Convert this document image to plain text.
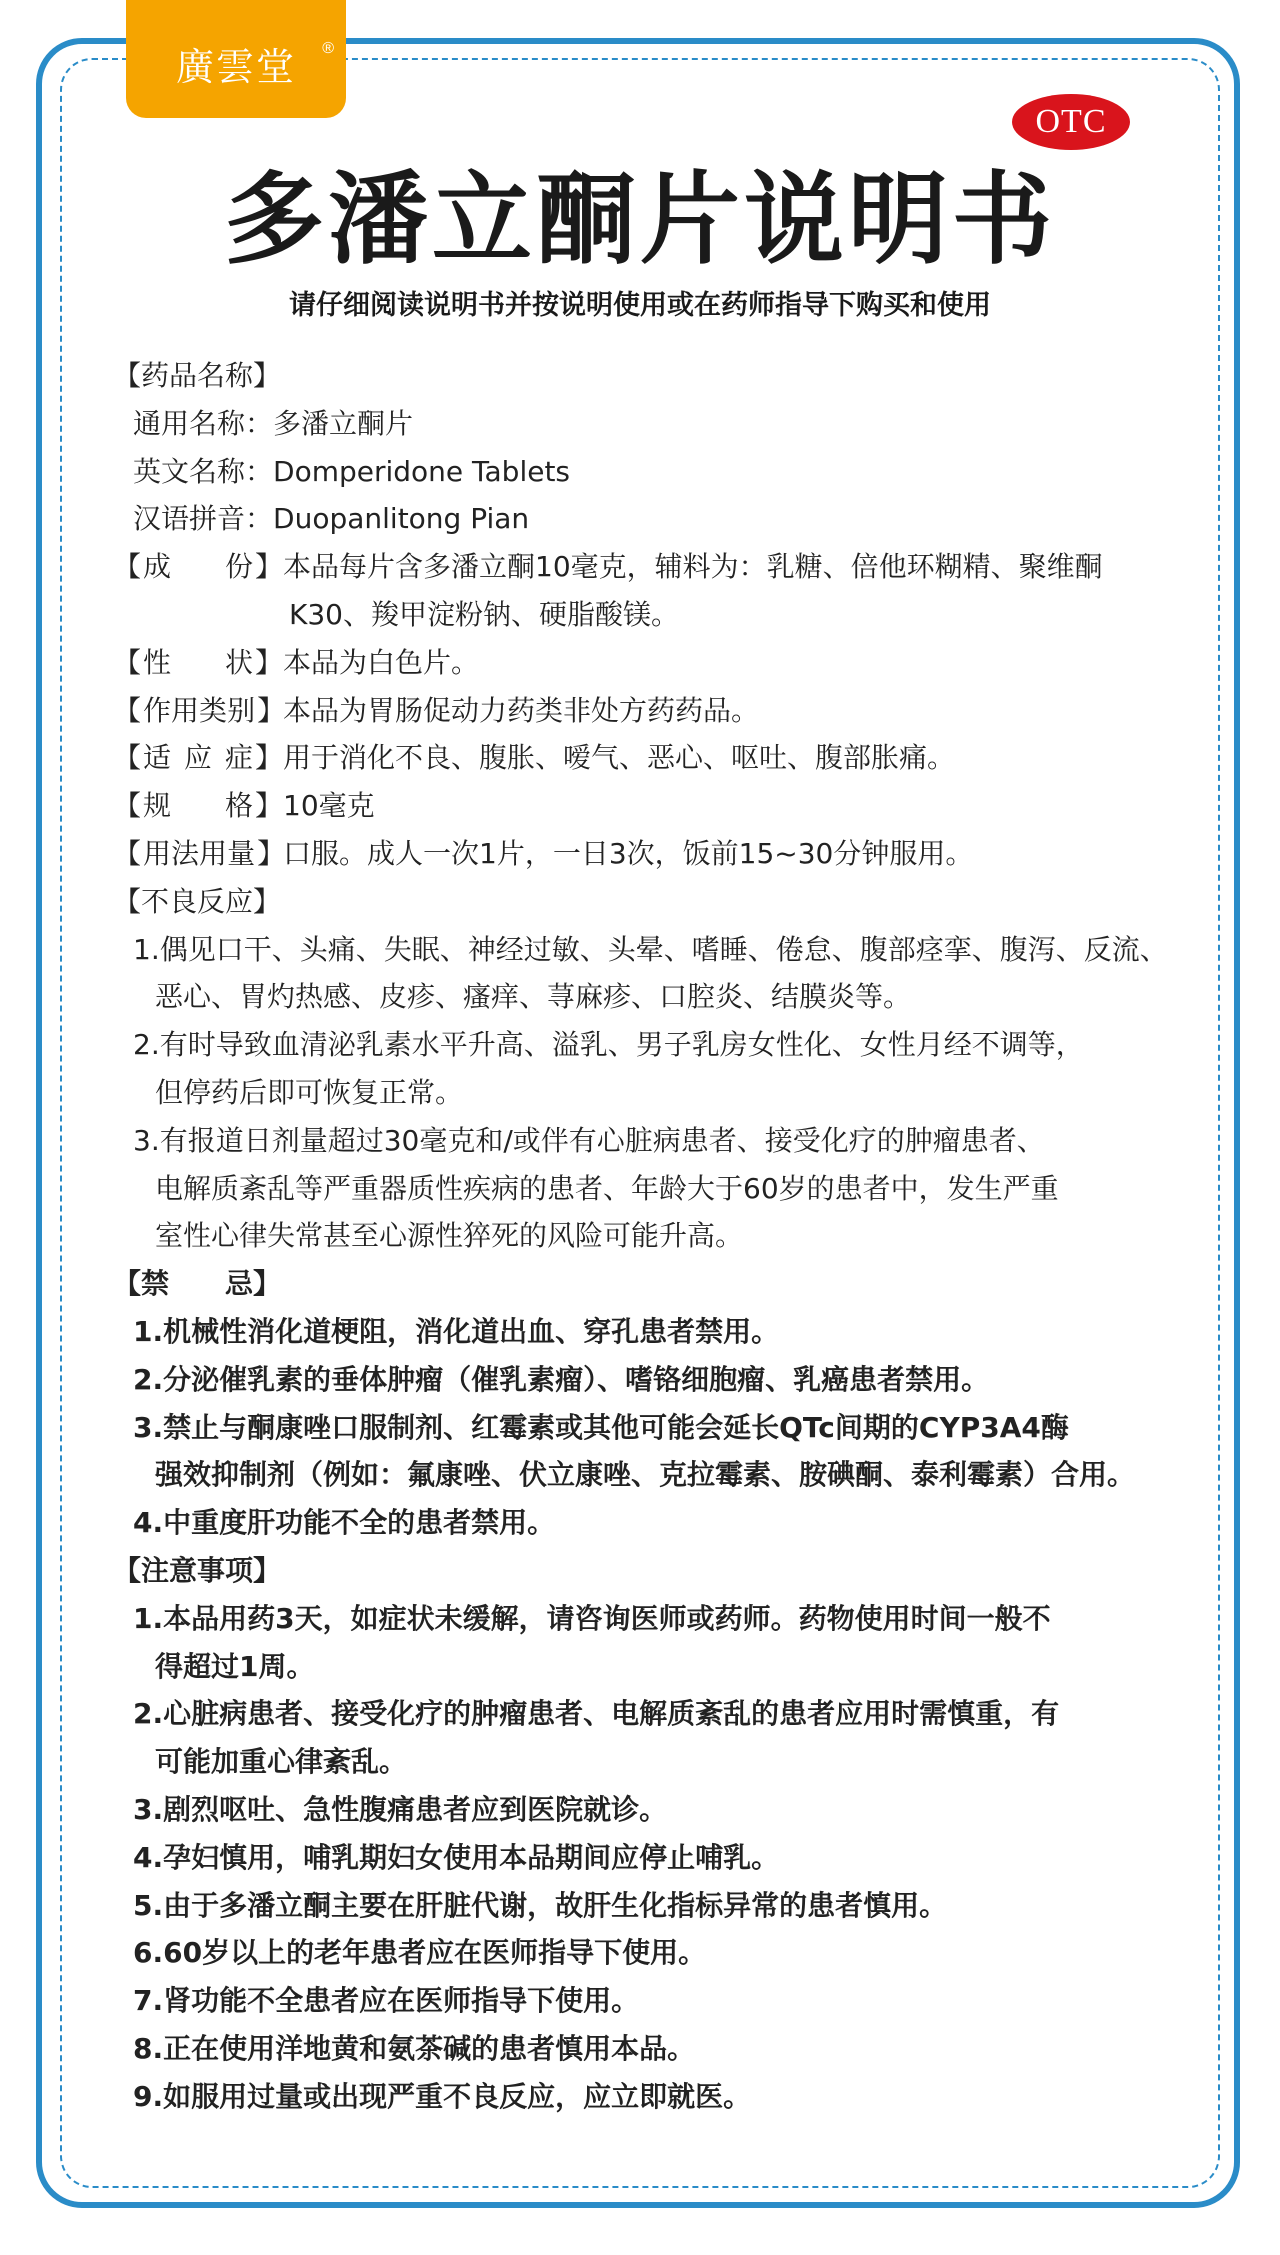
廣雲堂 ®
OTC
多潘立酮片说明书
请仔细阅读说明书并按说明使用或在药师指导下购买和使用
【药品名称】
通用名称： 多潘立酮片
英文名称： Domperidone Tablets
汉语拼音： Duopanlitong Pian
【 成 份 】 本品每片含多潘立酮10毫克，辅料为：乳糖、倍他环糊精、聚维酮
K30、羧甲淀粉钠、硬脂酸镁。
【 性 状 】 本品为白色片。
【 作 用 类 别 】
本品为胃肠促动力药类非处方药药品。
【 适 应 症 】 用于消化不良、腹胀、嗳气、恶心、呕吐、腹部胀痛。
【 规 格 】 10毫克
【 用 法 用 量 】
口服。成人一次1片，一日3次，饭前15~30分钟服用。
【不良反应】
1.偶见口干、头痛、失眠、神经过敏、头晕、嗜睡、倦怠、腹部痉挛、腹泻、反流、
恶心、胃灼热感、皮疹、瘙痒、荨麻疹、口腔炎、结膜炎等。
2.有时导致血清泌乳素水平升高、溢乳、男子乳房女性化、女性月经不调等，
但停药后即可恢复正常。
3.有报道日剂量超过30毫克和/或伴有心脏病患者、接受化疗的肿瘤患者、
电解质紊乱等严重器质性疾病的患者、年龄大于60岁的患者中，发生严重
室性心律失常甚至心源性猝死的风险可能升高。
【禁　　忌】
1.机械性消化道梗阻，消化道出血、穿孔患者禁用。
2.分泌催乳素的垂体肿瘤（催乳素瘤）、嗜铬细胞瘤、乳癌患者禁用。
3.禁止与酮康唑口服制剂、红霉素或其他可能会延长QTc间期的CYP3A4酶
强效抑制剂（例如：氟康唑、伏立康唑、克拉霉素、胺碘酮、泰利霉素）合用。
4.中重度肝功能不全的患者禁用。
【注意事项】
1.本品用药3天，如症状未缓解，请咨询医师或药师。药物使用时间一般不
得超过1周。
2.心脏病患者、接受化疗的肿瘤患者、电解质紊乱的患者应用时需慎重，有
可能加重心律紊乱。
3.剧烈呕吐、急性腹痛患者应到医院就诊。
4.孕妇慎用，哺乳期妇女使用本品期间应停止哺乳。
5.由于多潘立酮主要在肝脏代谢，故肝生化指标异常的患者慎用。
6.60岁以上的老年患者应在医师指导下使用。
7.肾功能不全患者应在医师指导下使用。
8.正在使用洋地黄和氨茶碱的患者慎用本品。
9.如服用过量或出现严重不良反应，应立即就医。
